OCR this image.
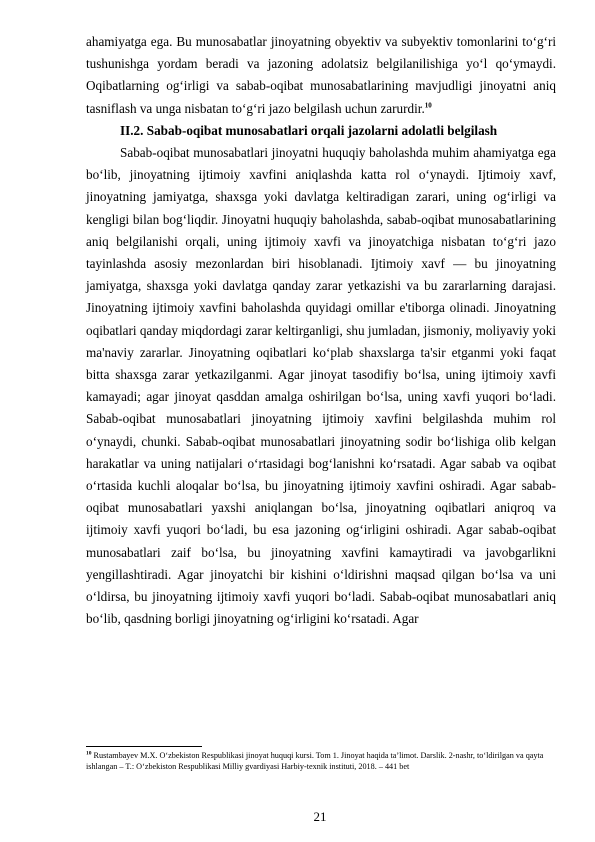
ahamiyatga ega. Bu munosabatlar jinoyatning obyektiv va subyektiv tomonlarini to‘g‘ri tushunishga yordam beradi va jazoning adolatsiz belgilanilishiga yo‘l qo‘ymaydi. Oqibatlarning og‘irligi va sabab-oqibat munosabatlarining mavjudligi jinoyatni aniq tasniflash va unga nisbatan to‘g‘ri jazo belgilash uchun zarurdir.$^{10}$

II.2. Sabab-oqibat munosabatlari orqali jazolarni adolatli belgilash

Sabab-oqibat munosabatlari jinoyatni huquqiy baholashda muhim ahamiyatga ega bo‘lib, jinoyatning ijtimoiy xavfini aniqlashda katta rol o‘ynaydi. Ijtimoiy xavf, jinoyatning jamiyatga, shaxsga yoki davlatga keltiradigan zarari, uning og‘irligi va kengligi bilan bog‘liqdir. Jinoyatni huquqiy baholashda, sabab-oqibat munosabatlarining aniq belgilanishi orqali, uning ijtimoiy xavfi va jinoyatchiga nisbatan to‘g‘ri jazo tayinlashda asosiy mezonlardan biri hisoblanadi. Ijtimoiy xavf — bu jinoyatning jamiyatga, shaxsga yoki davlatga qanday zarar yetkazishi va bu zararlarning darajasi. Jinoyatning ijtimoiy xavfini baholashda quyidagi omillar e'tiborga olinadi. Jinoyatning oqibatlari qanday miqdordagi zarar keltirganligi, shu jumladan, jismoniy, moliyaviy yoki ma'naviy zararlar. Jinoyatning oqibatlari ko‘plab shaxslarga ta'sir etganmi yoki faqat bitta shaxsga zarar yetkazilganmi. Agar jinoyat tasodifiy bo‘lsa, uning ijtimoiy xavfi kamayadi; agar jinoyat qasddan amalga oshirilgan bo‘lsa, uning xavfi yuqori bo‘ladi. Sabab-oqibat munosabatlari jinoyatning ijtimoiy xavfini belgilashda muhim rol o‘ynaydi, chunki. Sabab-oqibat munosabatlari jinoyatning sodir bo‘lishiga olib kelgan harakatlar va uning natijalari o‘rtasidagi bog‘lanishni ko‘rsatadi. Agar sabab va oqibat o‘rtasida kuchli aloqalar bo‘lsa, bu jinoyatning ijtimoiy xavfini oshiradi. Agar sabab-oqibat munosabatlari yaxshi aniqlangan bo‘lsa, jinoyatning oqibatlari aniqroq va ijtimoiy xavfi yuqori bo‘ladi, bu esa jazoning og‘irligini oshiradi. Agar sabab-oqibat munosabatlari zaif bo‘lsa, bu jinoyatning xavfini kamaytiradi va javobgarlikni yengillashtiradi. Agar jinoyatchi bir kishini o‘ldirishni maqsad qilgan bo‘lsa va uni o‘ldirsa, bu jinoyatning ijtimoiy xavfi yuqori bo‘ladi. Sabab-oqibat munosabatlari aniq bo‘lib, qasdning borligi jinoyatning og‘irligini ko‘rsatadi. Agar

$^{10}$ Rustambayev M.X. O‘zbekiston Respublikasi jinoyat huquqi kursi. Tom 1. Jinoyat haqida ta’limot. Darslik. 2-nashr, to‘ldirilgan va qayta ishlangan – T.: O‘zbekiston Respublikasi Milliy gvardiyasi Harbiy-texnik instituti, 2018. – 441 bet
21
